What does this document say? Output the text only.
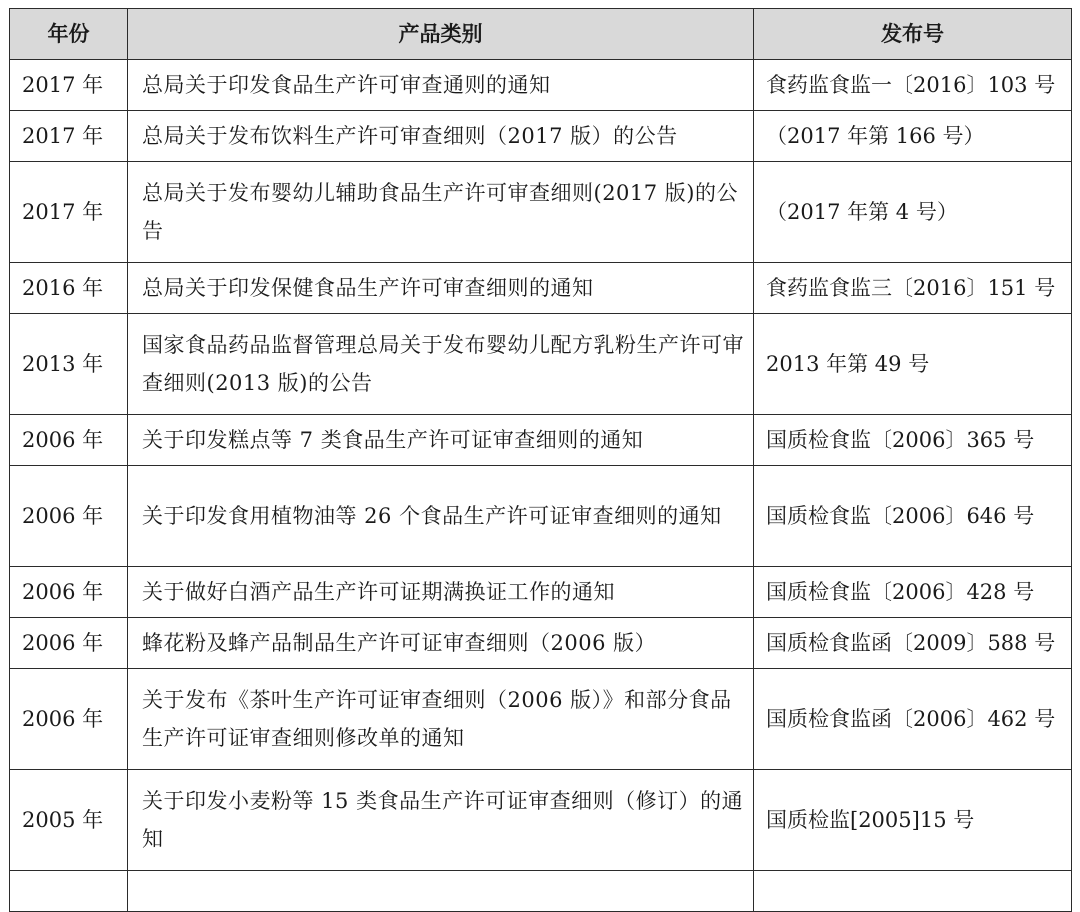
年份	产品类别	发布号
2017 年	总局关于印发食品生产许可审查通则的通知	食药监食监一〔2016〕103 号
2017 年	总局关于发布饮料生产许可审查细则（2017 版）的公告	（2017 年第 166 号）
2017 年	总局关于发布婴幼儿辅助食品生产许可审查细则(2017 版)的公告	（2017 年第 4 号）
2016 年	总局关于印发保健食品生产许可审查细则的通知	食药监食监三〔2016〕151 号
2013 年	国家食品药品监督管理总局关于发布婴幼儿配方乳粉生产许可审查细则(2013 版)的公告	2013 年第 49 号
2006 年	关于印发糕点等 7 类食品生产许可证审查细则的通知	国质检食监〔2006〕365 号
2006 年	关于印发食用植物油等 26 个食品生产许可证审查细则的通知	国质检食监〔2006〕646 号
2006 年	关于做好白酒产品生产许可证期满换证工作的通知	国质检食监〔2006〕428 号
2006 年	蜂花粉及蜂产品制品生产许可证审查细则（2006 版）	国质检食监函〔2009〕588 号
2006 年	关于发布《茶叶生产许可证审查细则（2006 版）》和部分食品生产许可证审查细则修改单的通知	国质检食监函〔2006〕462 号
2005 年	关于印发小麦粉等 15 类食品生产许可证审查细则（修订）的通知	国质检监[2005]15 号
